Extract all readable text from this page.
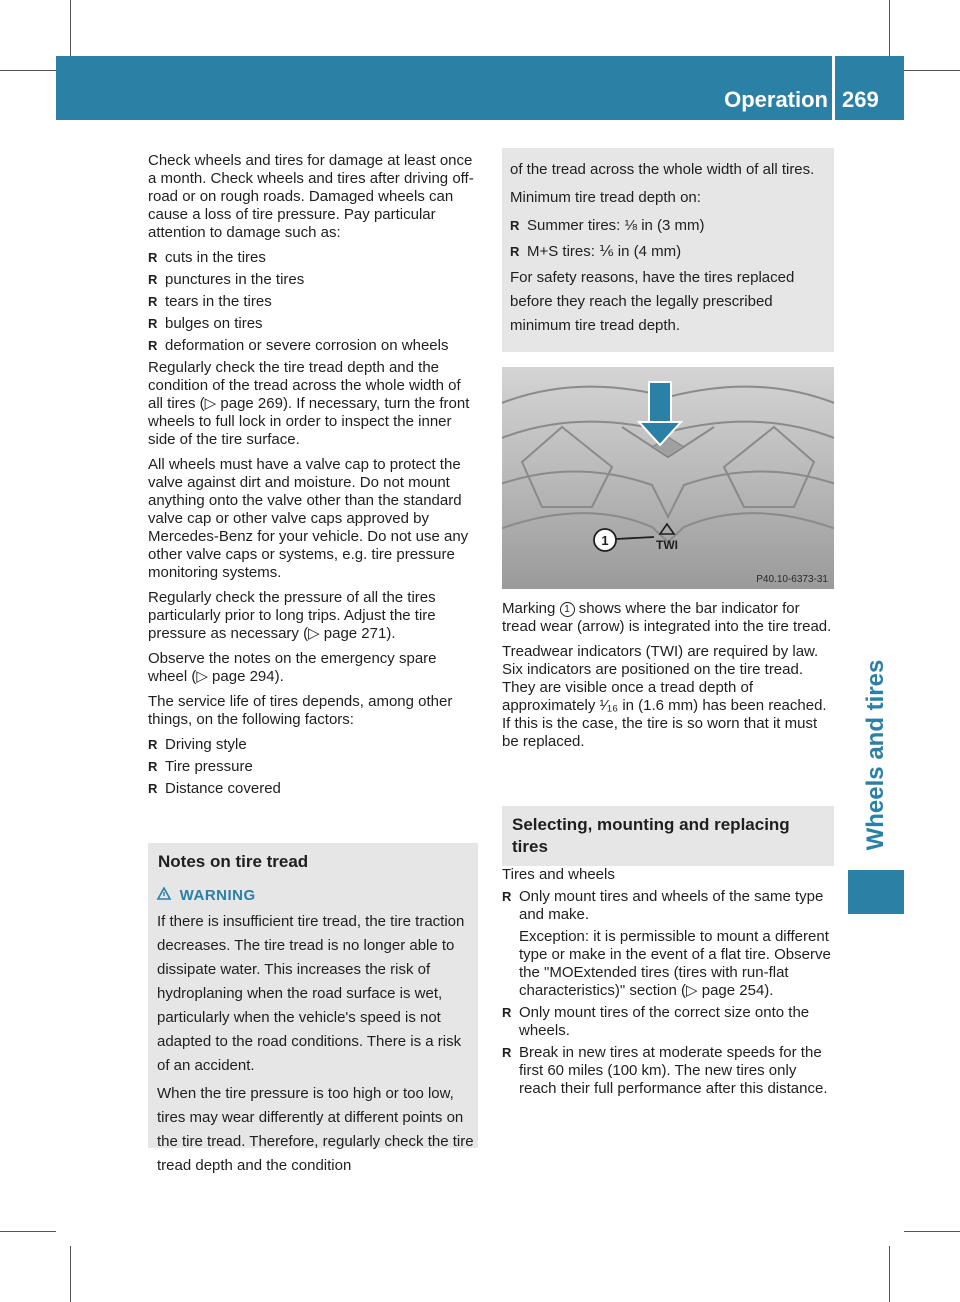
Operation 269
Wheels and tires

Check wheels and tires for damage at least once a month. Check wheels and tires after driving off-road or on rough roads. Damaged wheels can cause a loss of tire pressure. Pay particular attention to damage such as:

R cuts in the tires
R punctures in the tires
R tears in the tires
R bulges on tires
R deformation or severe corrosion on wheels

Regularly check the tire tread depth and the condition of the tread across the whole width of all tires (▷ page 269). If necessary, turn the front wheels to full lock in order to inspect the inner side of the tire surface.

All wheels must have a valve cap to protect the valve against dirt and moisture. Do not mount anything onto the valve other than the standard valve cap or other valve caps approved by Mercedes-Benz for your vehicle. Do not use any other valve caps or systems, e.g. tire pressure monitoring systems.

Regularly check the pressure of all the tires particularly prior to long trips. Adjust the tire pressure as necessary (▷ page 271).

Observe the notes on the emergency spare wheel (▷ page 294).

The service life of tires depends, among other things, on the following factors:

R Driving style
R Tire pressure
R Distance covered
Notes on tire tread

WARNING

If there is insufficient tire tread, the tire traction decreases. The tire tread is no longer able to dissipate water. This increases the risk of hydroplaning when the road surface is wet, particularly when the vehicle's speed is not adapted to the road conditions. There is a risk of an accident.

When the tire pressure is too high or too low, tires may wear differently at different points on the tire tread. Therefore, regularly check the tire tread depth and the condition

of the tread across the whole width of all tires.

Minimum tire tread depth on:

R Summer tires: ⅛ in (3 mm)
R M+S tires: ⅙ in (4 mm)

For safety reasons, have the tires replaced before they reach the legally prescribed minimum tire tread depth.

1	TWI
P40.10-6373-31

Marking 1 shows where the bar indicator for tread wear (arrow) is integrated into the tire tread.

Treadwear indicators (TWI) are required by law. Six indicators are positioned on the tire tread. They are visible once a tread depth of approximately ¹⁄₁₆ in (1.6 mm) has been reached. If this is the case, the tire is so worn that it must be replaced.

Selecting, mounting and replacing tires

Tires and wheels

R Only mount tires and wheels of the same type and make.
Exception: it is permissible to mount a different type or make in the event of a flat tire. Observe the "MOExtended tires (tires with run-flat characteristics)" section (▷ page 254).
R Only mount tires of the correct size onto the wheels.
R Break in new tires at moderate speeds for the first 60 miles (100 km). The new tires only reach their full performance after this distance.
